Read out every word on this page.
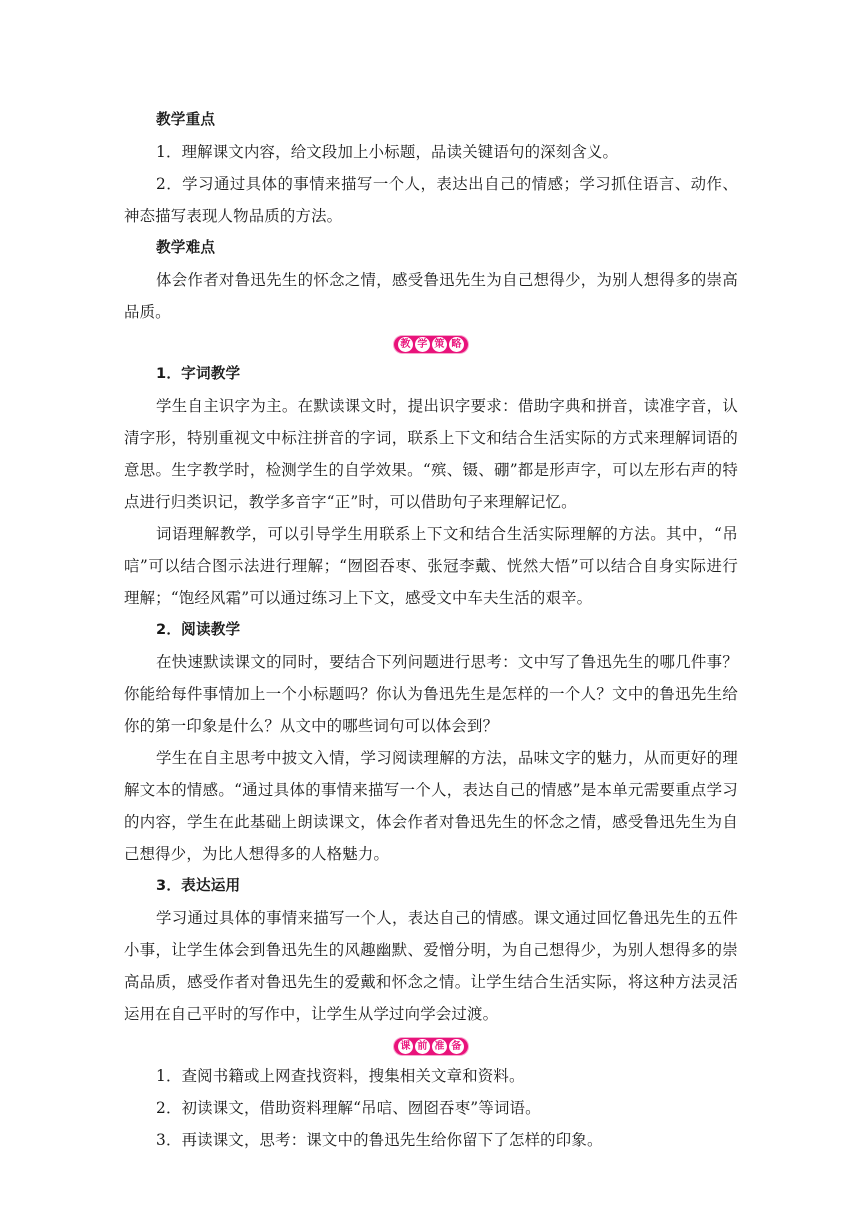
教学重点

1．理解课文内容，给文段加上小标题，品读关键语句的深刻含义。

2．学习通过具体的事情来描写一个人，表达出自己的情感；学习抓住语言、动作、神态描写表现人物品质的方法。

教学难点

体会作者对鲁迅先生的怀念之情，感受鲁迅先生为自己想得少，为别人想得多的崇高品质。

教 学 策 略

1．字词教学

学生自主识字为主。在默读课文时，提出识字要求：借助字典和拼音，读准字音，认清字形，特别重视文中标注拼音的字词，联系上下文和结合生活实际的方式来理解词语的意思。生字教学时，检测学生的自学效果。“殡、镊、硼”都是形声字，可以左形右声的特点进行归类识记，教学多音字“正”时，可以借助句子来理解记忆。

词语理解教学，可以引导学生用联系上下文和结合生活实际理解的方法。其中，“吊唁”可以结合图示法进行理解；“囫囵吞枣、张冠李戴、恍然大悟”可以结合自身实际进行理解；“饱经风霜”可以通过练习上下文，感受文中车夫生活的艰辛。

2．阅读教学

在快速默读课文的同时，要结合下列问题进行思考：文中写了鲁迅先生的哪几件事？你能给每件事情加上一个小标题吗？你认为鲁迅先生是怎样的一个人？文中的鲁迅先生给你的第一印象是什么？从文中的哪些词句可以体会到？

学生在自主思考中披文入情，学习阅读理解的方法，品味文字的魅力，从而更好的理解文本的情感。“通过具体的事情来描写一个人，表达自己的情感”是本单元需要重点学习的内容，学生在此基础上朗读课文，体会作者对鲁迅先生的怀念之情，感受鲁迅先生为自己想得少，为比人想得多的人格魅力。

3．表达运用

学习通过具体的事情来描写一个人，表达自己的情感。课文通过回忆鲁迅先生的五件小事，让学生体会到鲁迅先生的风趣幽默、爱憎分明，为自己想得少，为别人想得多的崇高品质，感受作者对鲁迅先生的爱戴和怀念之情。让学生结合生活实际，将这种方法灵活运用在自己平时的写作中，让学生从学过向学会过渡。

课 前 准 备

1．查阅书籍或上网查找资料，搜集相关文章和资料。

2．初读课文，借助资料理解“吊唁、囫囵吞枣”等词语。

3．再读课文，思考：课文中的鲁迅先生给你留下了怎样的印象。
